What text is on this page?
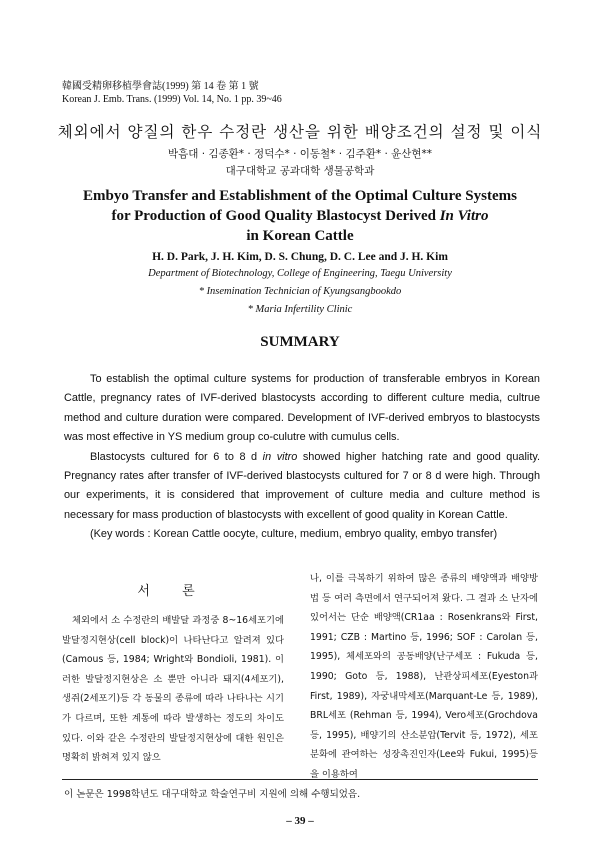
韓國受精卵移植學會誌(1999) 第 14 卷 第 1 號
Korean J. Emb. Trans. (1999) Vol. 14, No. 1 pp. 39~46
체외에서 양질의 한우 수정란 생산을 위한 배양조건의 설정 및 이식
박흠대 · 김종환* · 정덕수* · 이동철* · 김주환* · 윤산현**
대구대학교 공과대학 생물공학과
Embyo Transfer and Establishment of the Optimal Culture Systems
for Production of Good Quality Blastocyst Derived In Vitro
in Korean Cattle
H. D. Park, J. H. Kim, D. S. Chung, D. C. Lee and J. H. Kim
Department of Biotechnology, College of Engineering, Taegu University
* Insemination Technician of Kyungsangbookdo
* Maria Infertility Clinic
SUMMARY

To establish the optimal culture systems for production of transferable embryos in Korean Cattle, pregnancy rates of IVF-derived blastocysts according to different culture media, cultrue method and culture duration were compared. Development of IVF-derived embryos to blastocysts was most effective in YS medium group co-culutre with cumulus cells.

Blastocysts cultured for 6 to 8 d in vitro showed higher hatching rate and good quality. Pregnancy rates after transfer of IVF-derived blastocysts cultured for 7 or 8 d were high. Through our experiments, it is considered that improvement of culture media and culture method is necessary for mass production of blastocysts with excellent of good quality in Korean Cattle.

(Key words : Korean Cattle oocyte, culture, medium, embryo quality, embyo transfer)

서 론

체외에서 소 수정란의 배발달 과정중 8~16세포기에 발달정지현상(cell block)이 나타난다고 알려져 있다(Camous 등, 1984; Wright와 Bondioli, 1981). 이러한 발달정지현상은 소 뿐만 아니라 돼지(4세포기), 생쥐(2세포기)등 각 동물의 종류에 따라 나타나는 시기가 다르며, 또한 계통에 따라 발생하는 정도의 차이도 있다. 이와 같은 수정란의 발달정지현상에 대한 원인은 명확히 밝혀져 있지 않으

나, 이를 극복하기 위하여 많은 종류의 배양액과 배양방법 등 여러 측면에서 연구되어져 왔다. 그 결과 소 난자에 있어서는 단순 배양액(CR1aa : Rosenkrans와 First, 1991; CZB : Martino 등, 1996; SOF : Carolan 등, 1995), 체세포와의 공동배양(난구세포 : Fukuda 등, 1990; Goto 등, 1988), 난관상피세포(Eyeston과 First, 1989), 자궁내막세포(Marquant-Le 등, 1989), BRL세포 (Rehman 등, 1994), Vero세포(Grochdova 등, 1995), 배양기의 산소분압(Tervit 등, 1972), 세포분화에 관여하는 성장촉진인자(Lee와 Fukui, 1995)등을 이용하여

이 논문은 1998학년도 대구대학교 학술연구비 지원에 의해 수행되었음.
– 39 –
